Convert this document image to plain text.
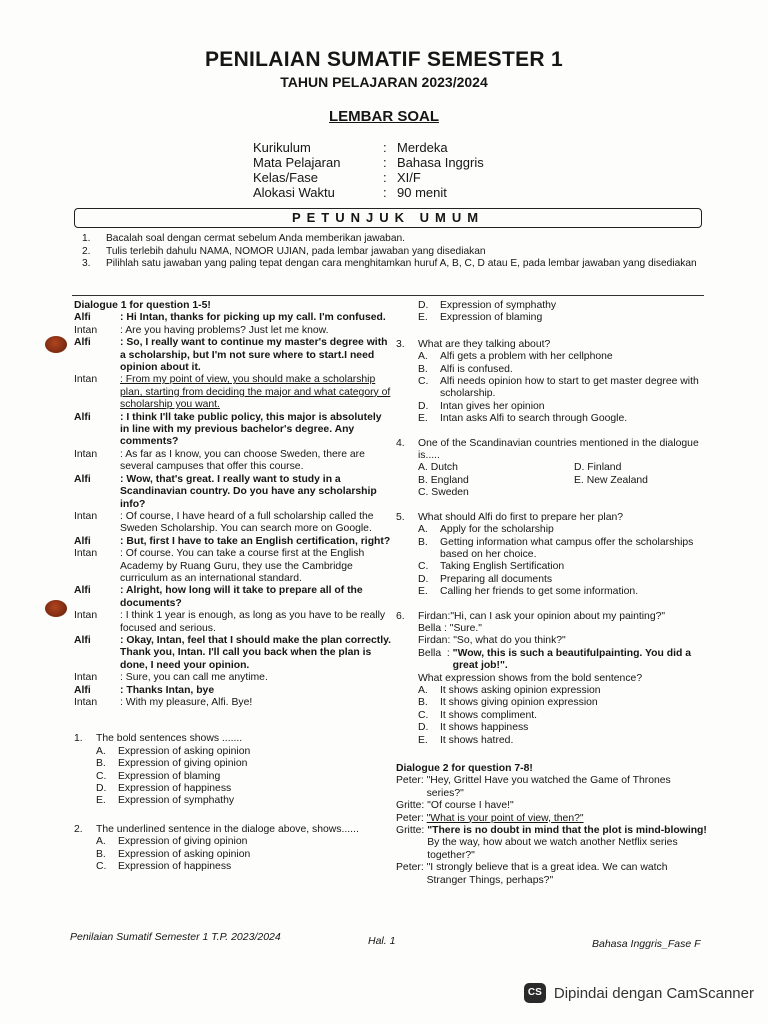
PENILAIAN SUMATIF SEMESTER 1
TAHUN PELAJARAN 2023/2024
LEMBAR SOAL
Kurikulum	: Merdeka
Mata Pelajaran	: Bahasa Inggris
Kelas/Fase	: XI/F
Alokasi Waktu	: 90 menit
PETUNJUK UMUM
1.	Bacalah soal dengan cermat sebelum Anda memberikan jawaban.
2.	Tulis terlebih dahulu NAMA, NOMOR UJIAN, pada lembar jawaban yang disediakan
3.	Pilihlah satu jawaban yang paling tepat dengan cara menghitamkan huruf A, B, C, D atau E, pada lembar jawaban yang disediakan
Dialogue 1 for question 1-5!
Alfi	: Hi Intan, thanks for picking up my call. I'm confused.
Intan	: Are you having problems? Just let me know.
Alfi	: So, I really want to continue my master's degree with a scholarship, but I'm not sure where to start.I need opinion about it.
Intan	: From my point of view, you should make a scholarship plan, starting from deciding the major and what category of scholarship you want.
Alfi	: I think I'll take public policy, this major is absolutely in line with my previous bachelor's degree. Any comments?
Intan	: As far as I know, you can choose Sweden, there are several campuses that offer this course.
Alfi	: Wow, that's great. I really want to study in a Scandinavian country. Do you have any scholarship info?
Intan	: Of course, I have heard of a full scholarship called the Sweden Scholarship. You can search more on Google.
Alfi	: But, first I have to take an English certification, right?
Intan	: Of course. You can take a course first at the English Academy by Ruang Guru, they use the Cambridge curriculum as an international standard.
Alfi	: Alright, how long will it take to prepare all of the documents?
Intan	: I think 1 year is enough, as long as you have to be really focused and serious.
Alfi	: Okay, Intan, feel that I should make the plan correctly. Thank you, Intan. I'll call you back when the plan is done, I need your opinion.
Intan	: Sure, you can call me anytime.
Alfi	: Thanks Intan, bye
Intan	: With my pleasure, Alfi. Bye!
1.	The bold sentences shows .......
A.	Expression of asking opinion
B.	Expression of giving opinion
C.	Expression of blaming
D.	Expression of happiness
E.	Expression of symphathy
2.	The underlined sentence in the dialoge above, shows......
A.	Expression of giving opinion
B.	Expression of asking opinion
C.	Expression of happiness
D.	Expression of symphathy
E.	Expression of blaming
3.	What are they talking about?
A.	Alfi gets a problem with her cellphone
B.	Alfi is confused.
C.	Alfi needs opinion how to start to get master degree with scholarship.
D.	Intan gives her opinion
E.	Intan asks Alfi to search through Google.
4.	One of the Scandinavian countries mentioned in the dialogue is.....
A. Dutch	D. Finland
B. England	E. New Zealand
C. Sweden
5.	What should Alfi do first to prepare her plan?
A.	Apply for the scholarship
B.	Getting information what campus offer the scholarships based on her choice.
C.	Taking English Sertification
D.	Preparing all documents
E.	Calling her friends to get some information.
6.	Firdan:"Hi, can I ask your opinion about my painting?"
Bella : "Sure."
Firdan: "So, what do you think?"
Bella  : "Wow, this is such a beautifulpainting. You did a great job!".
What expression shows from the bold sentence?
A.	It shows asking opinion expression
B.	It shows giving opinion expression
C.	It shows compliment.
D.	It shows happiness
E.	It shows hatred.
Dialogue 2 for question 7-8!
Peter: "Hey, Grittel Have you watched the Game of Thrones series?"
Gritte: "Of course I have!"
Peter: "What is your point of view, then?"
Gritte: "There is no doubt in mind that the plot is mind-blowing! By the way, how about we watch another Netflix series together?"
Peter: "I strongly believe that is a great idea. We can watch Stranger Things, perhaps?"
Penilaian Sumatif Semester 1 T.P. 2023/2024	Hal. 1	Bahasa Inggris_Fase F
CS Dipindai dengan CamScanner
